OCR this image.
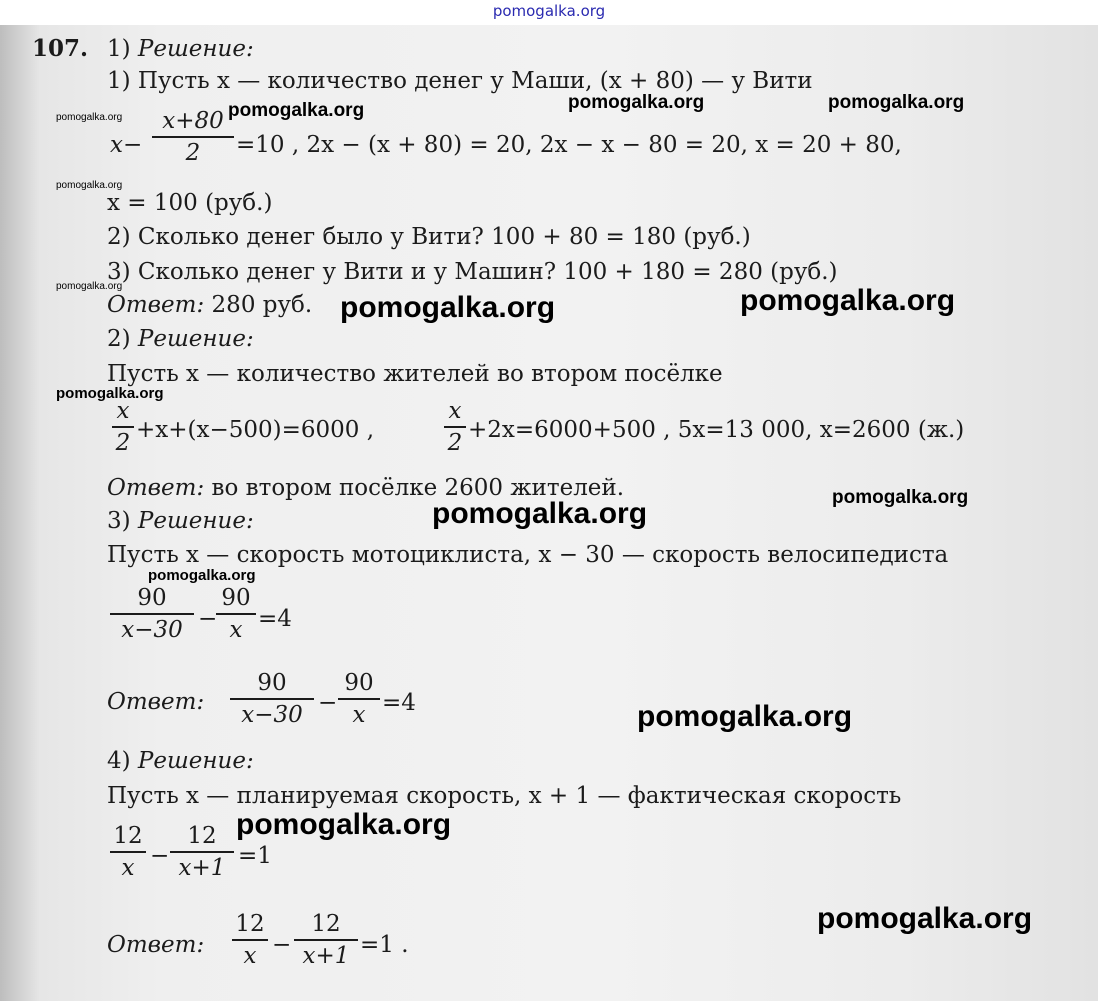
pomogalka.org
107. 1) Решение:
1) Пусть x — количество денег у Маши, (x + 80) — у Вити
x−
x+80
2	=10 , 2x − (x + 80) = 20, 2x − x − 80 = 20, x = 20 + 80,
x = 100 (руб.)
2) Сколько денег было у Вити? 100 + 80 = 180 (руб.)
3) Сколько денег у Вити и у Машин? 100 + 180 = 280 (руб.)
Ответ: 280 руб.
2) Решение:
Пусть x — количество жителей во втором посёлке
x
2 +x+(x−500)=6000 ,
x
2 +2x=6000+500 , 5x=13 000, x=2600 (ж.)
Ответ: во втором посёлке 2600 жителей.
3) Решение:
Пусть x — скорость мотоциклиста, x − 30 — скорость велосипедиста
90
x−30 −
90
x =4
Ответ:
90
x−30 −
90
x =4
4) Решение:
Пусть x — планируемая скорость, x + 1 — фактическая скорость
12
x −
12
x+1 =1
Ответ:
12
x −
12
x+1 =1 .
pomogalka.org
pomogalka.org
pomogalka.org
pomogalka.org	pomogalka.org	pomogalka.org
pomogalka.org	pomogalka.org
pomogalka.org
pomogalka.org
pomogalka.org
pomogalka.org
pomogalka.org
pomogalka.org
pomogalka.org
